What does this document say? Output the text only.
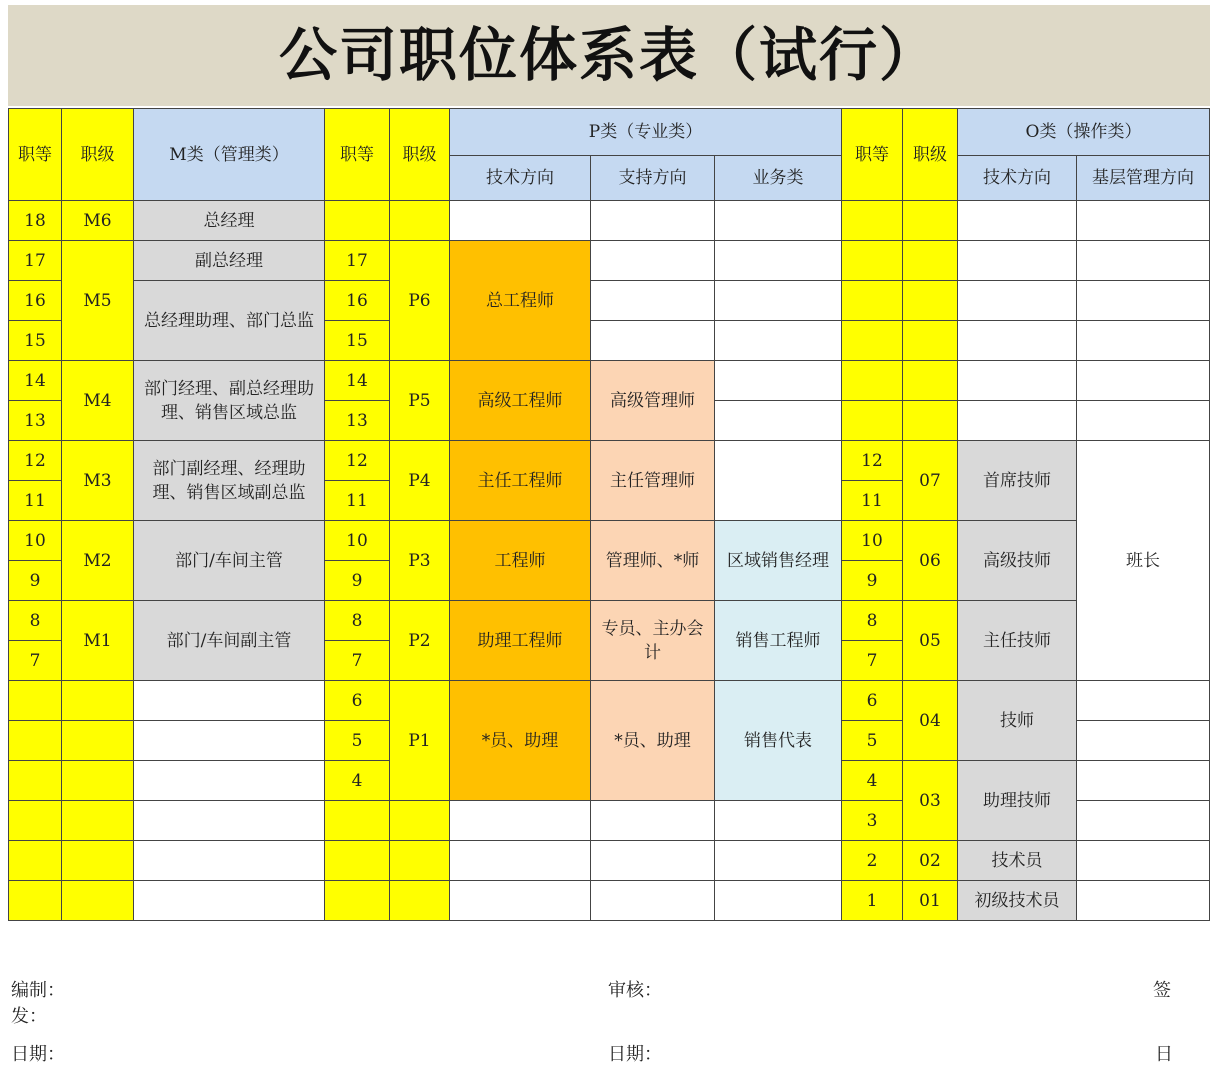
公司职位体系表（试行）
职等	职级	M类（管理类）	职等	职级	P类（专业类）			职等	职级	O类（操作类）	
					技术方向	支持方向	业务类			技术方向	基层管理方向
18	M6	总经理									
17	M5	副总经理	17	P6	总工程师						
16		总经理助理、部门总监	16								
15			15								
14	M4	部门经理、副总经理助理、销售区域总监	14	P5	高级工程师	高级管理师					
13			13								
12	M3	部门副经理、经理助理、销售区域副总监	12	P4	主任工程师	主任管理师		12	07	首席技师	班长
11			11					11			
10	M2	部门/车间主管	10	P3	工程师	管理师、*师	区域销售经理	10	06	高级技师	
9			9					9			
8	M1	部门/车间副主管	8	P2	助理工程师	专员、主办会计	销售工程师	8	05	主任技师	
7			7					7			
			6	P1	*员、助理	*员、助理	销售代表	6	04	技师	
			5					5			
			4					4	03	助理技师	
								3			
								2	02	技术员	
								1	01	初级技术员	
编制：
发：
审核：	签
日期：	日期：	日
